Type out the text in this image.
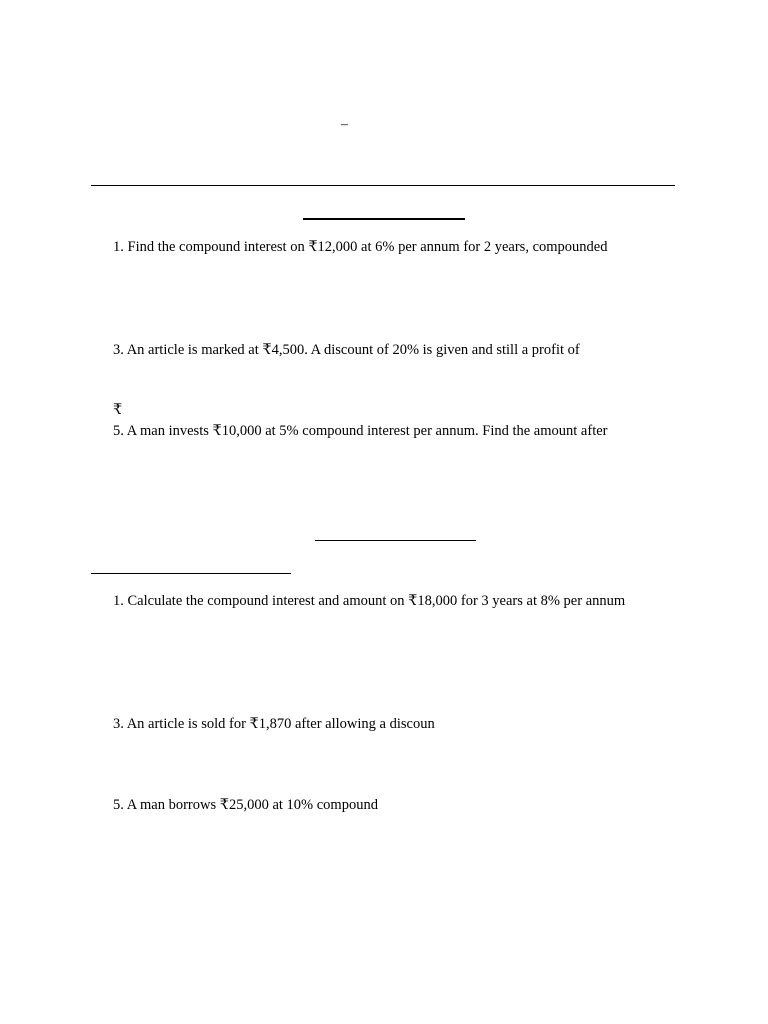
–

1. Find the compound interest on ₹12,000 at 6% per annum for 2 years, compounded

3. An article is marked at ₹4,500. A discount of 20% is given and still a profit of

₹

5. A man invests ₹10,000 at 5% compound interest per annum. Find the amount after

1. Calculate the compound interest and amount on ₹18,000 for 3 years at 8% per annum

3. An article is sold for ₹1,870 after allowing a discoun

5. A man borrows ₹25,000 at 10% compound
